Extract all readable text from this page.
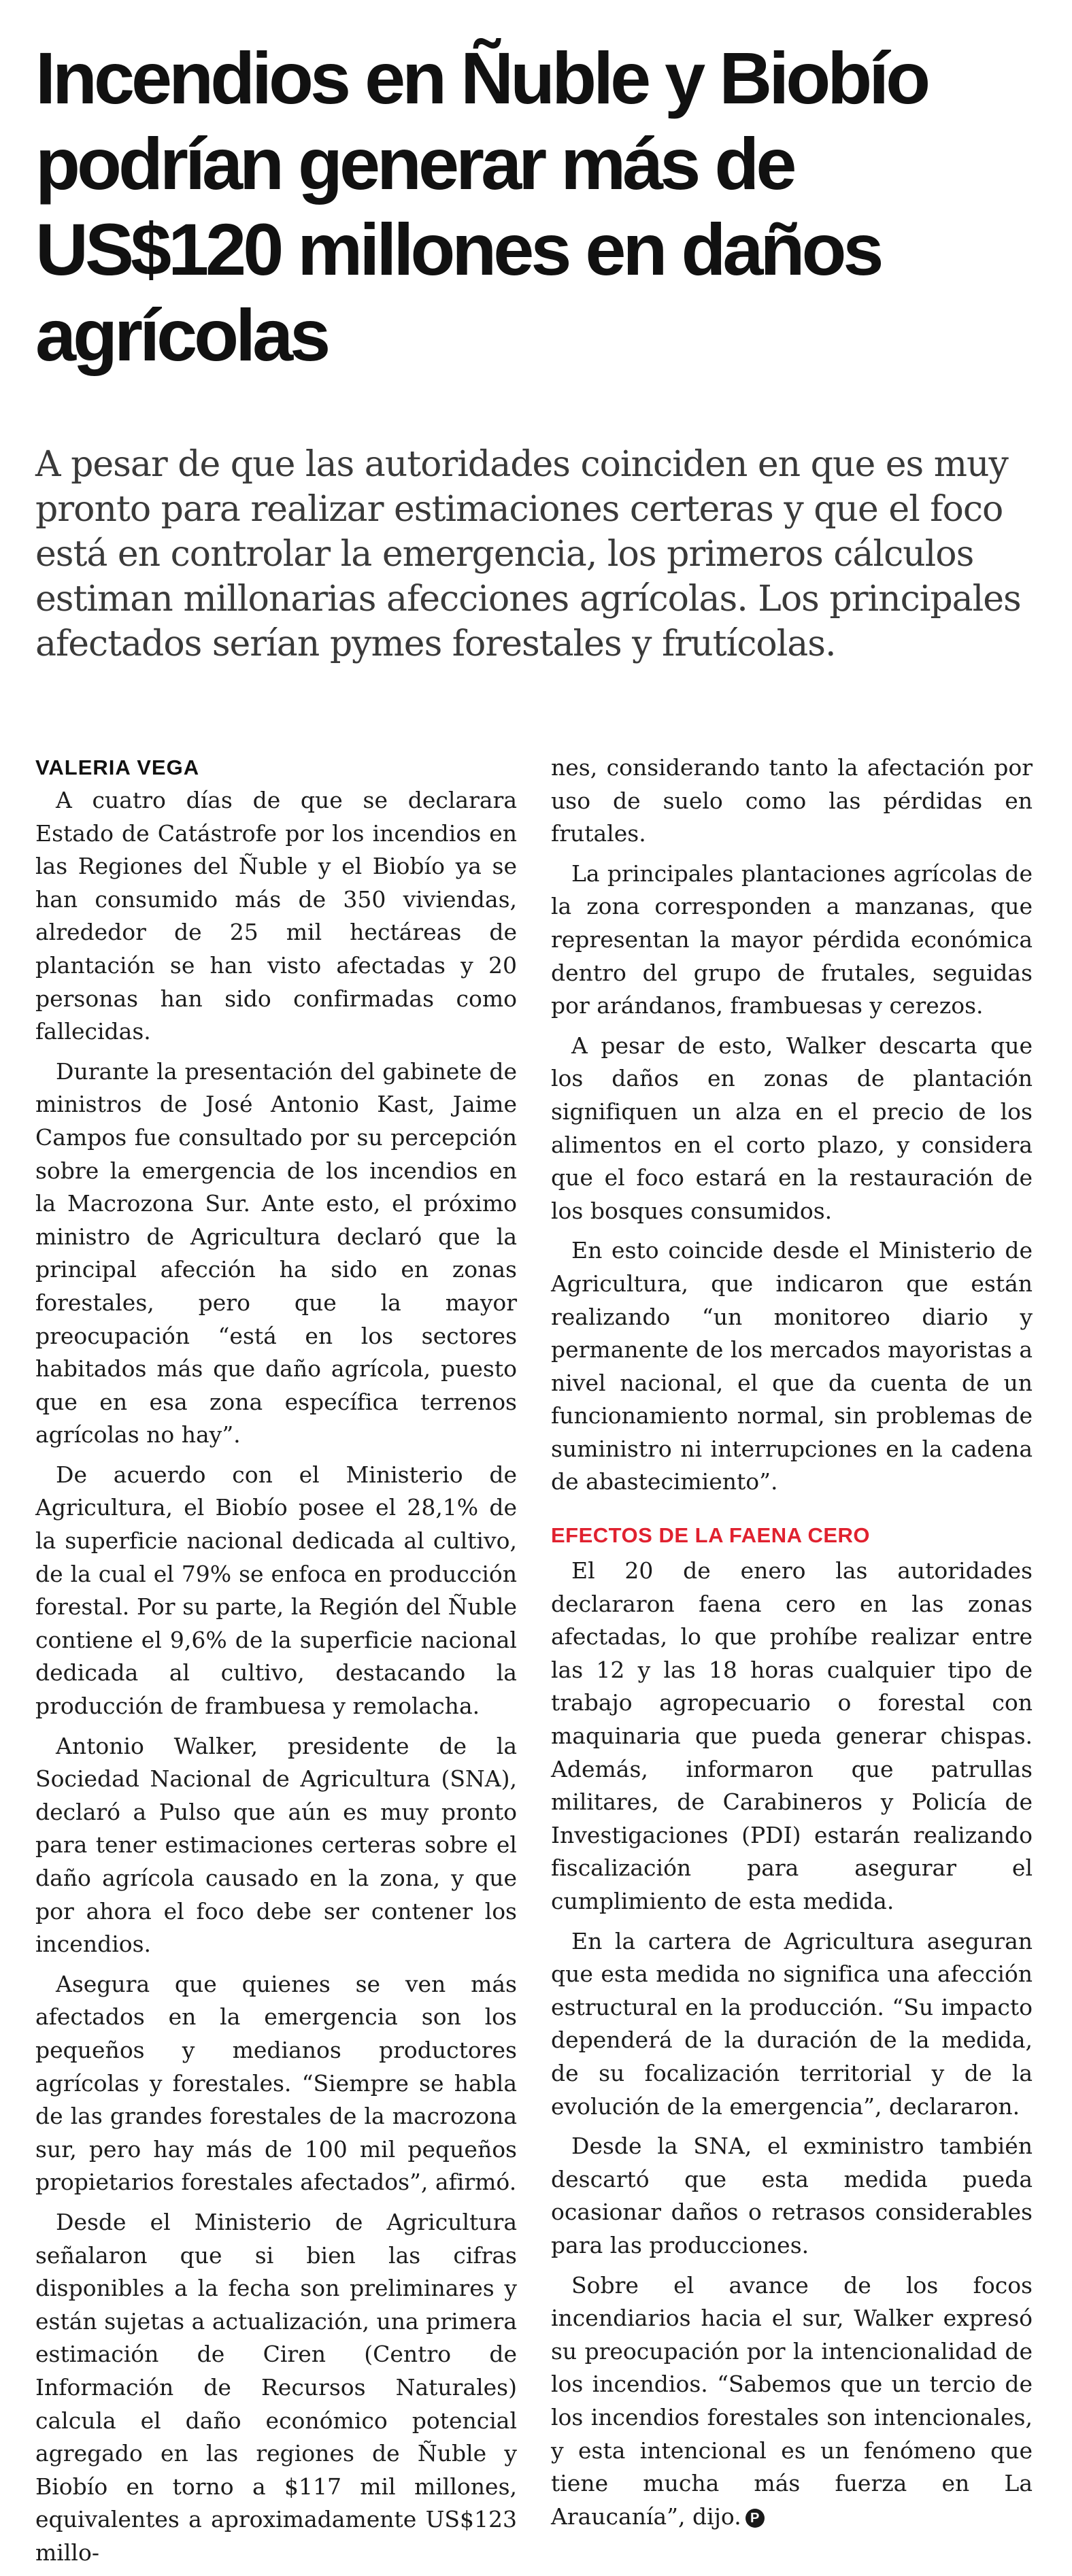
Incendios en Ñuble y Biobío podrían generar más de US$120 millones en daños agrícolas

A pesar de que las autoridades coinciden en que es muy pronto para realizar estimaciones certeras y que el foco está en controlar la emergencia, los primeros cálculos estiman millonarias afecciones agrícolas. Los principales afectados serían pymes forestales y frutícolas.

VALERIA VEGA

A cuatro días de que se declarara Estado de Catástrofe por los incendios en las Regiones del Ñuble y el Biobío ya se han consumido más de 350 viviendas, alrededor de 25 mil hectáreas de plantación se han visto afectadas y 20 personas han sido confirmadas como fallecidas.

Durante la presentación del gabinete de ministros de José Antonio Kast, Jaime Campos fue consultado por su percepción sobre la emergencia de los incendios en la Macrozona Sur. Ante esto, el próximo ministro de Agricultura declaró que la principal afección ha sido en zonas forestales, pero que la mayor preocupación “está en los sectores habitados más que daño agrícola, puesto que en esa zona específica terrenos agrícolas no hay”.

De acuerdo con el Ministerio de Agricultura, el Biobío posee el 28,1% de la superficie nacional dedicada al cultivo, de la cual el 79% se enfoca en producción forestal. Por su parte, la Región del Ñuble contiene el 9,6% de la superficie nacional dedicada al cultivo, destacando la producción de frambuesa y remolacha.

Antonio Walker, presidente de la Sociedad Nacional de Agricultura (SNA), declaró a Pulso que aún es muy pronto para tener estimaciones certeras sobre el daño agrícola causado en la zona, y que por ahora el foco debe ser contener los incendios.

Asegura que quienes se ven más afectados en la emergencia son los pequeños y medianos productores agrícolas y forestales. “Siempre se habla de las grandes forestales de la macrozona sur, pero hay más de 100 mil pequeños propietarios forestales afectados”, afirmó.

Desde el Ministerio de Agricultura señalaron que si bien las cifras disponibles a la fecha son preliminares y están sujetas a actualización, una primera estimación de Ciren (Centro de Información de Recursos Naturales) calcula el daño económico potencial agregado en las regiones de Ñuble y Biobío en torno a $117 mil millones, equivalentes a aproximadamente US$123 millo-

nes, considerando tanto la afectación por uso de suelo como las pérdidas en frutales.

La principales plantaciones agrícolas de la zona corresponden a manzanas, que representan la mayor pérdida económica dentro del grupo de frutales, seguidas por arándanos, frambuesas y cerezos.

A pesar de esto, Walker descarta que los daños en zonas de plantación signifiquen un alza en el precio de los alimentos en el corto plazo, y considera que el foco estará en la restauración de los bosques consumidos.

En esto coincide desde el Ministerio de Agricultura, que indicaron que están realizando “un monitoreo diario y permanente de los mercados mayoristas a nivel nacional, el que da cuenta de un funcionamiento normal, sin problemas de suministro ni interrupciones en la cadena de abastecimiento”.

EFECTOS DE LA FAENA CERO

El 20 de enero las autoridades declararon faena cero en las zonas afectadas, lo que prohíbe realizar entre las 12 y las 18 horas cualquier tipo de trabajo agropecuario o forestal con maquinaria que pueda generar chispas. Además, informaron que patrullas militares, de Carabineros y Policía de Investigaciones (PDI) estarán realizando fiscalización para asegurar el cumplimiento de esta medida.

En la cartera de Agricultura aseguran que esta medida no significa una afección estructural en la producción. “Su impacto dependerá de la duración de la medida, de su focalización territorial y de la evolución de la emergencia”, declararon.

Desde la SNA, el exministro también descartó que esta medida pueda ocasionar daños o retrasos considerables para las producciones.

Sobre el avance de los focos incendiarios hacia el sur, Walker expresó su preocupación por la intencionalidad de los incendios. “Sabemos que un tercio de los incendios forestales son intencionales, y esta intencional es un fenómeno que tiene mucha más fuerza en La Araucanía”, dijo. P
